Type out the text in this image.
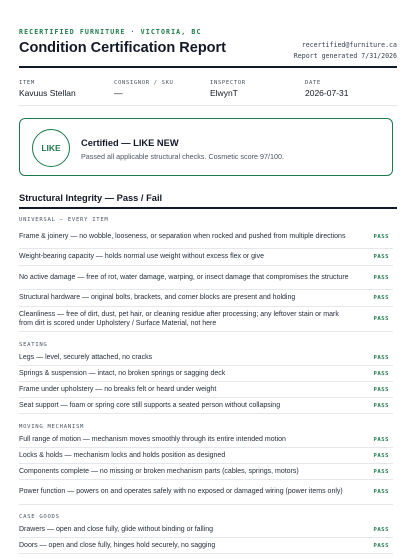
RECERTIFIED FURNITURE · VICTORIA, BC
Condition Certification Report	recertified@furniture.ca
Report generated 7/31/2026
ITEM
Kavuus Stellan
CONSIGNOR / SKU
—
INSPECTOR
ElwynT
DATE
2026-07-31
LIKE	Certified — LIKE NEW
Passed all applicable structural checks. Cosmetic score 97/100.
Structural Integrity — Pass / Fail
UNIVERSAL — EVERY ITEM
Frame & joinery — no wobble, looseness, or separation when rocked and pushed from multiple directions	PASS
Weight-bearing capacity — holds normal use weight without excess flex or give	PASS
No active damage — free of rot, water damage, warping, or insect damage that compromises the structure	PASS
Structural hardware — original bolts, brackets, and corner blocks are present and holding	PASS
Cleanliness — free of dirt, dust, pet hair, or cleaning residue after processing; any leftover stain or mark from dirt is scored under Upholstery / Surface Material, not here
PASS
SEATING
Legs — level, securely attached, no cracks	PASS
Springs & suspension — intact, no broken springs or sagging deck	PASS
Frame under upholstery — no breaks felt or heard under weight	PASS
Seat support — foam or spring core still supports a seated person without collapsing	PASS
MOVING MECHANISM
Full range of motion — mechanism moves smoothly through its entire intended motion	PASS
Locks & holds — mechanism locks and holds position as designed	PASS
Components complete — no missing or broken mechanism parts (cables, springs, motors)	PASS
Power function — powers on and operates safely with no exposed or damaged wiring (power items only)	PASS
CASE GOODS
Drawers — open and close fully, glide without binding or falling	PASS
Doors — open and close fully, hinges hold securely, no sagging	PASS
